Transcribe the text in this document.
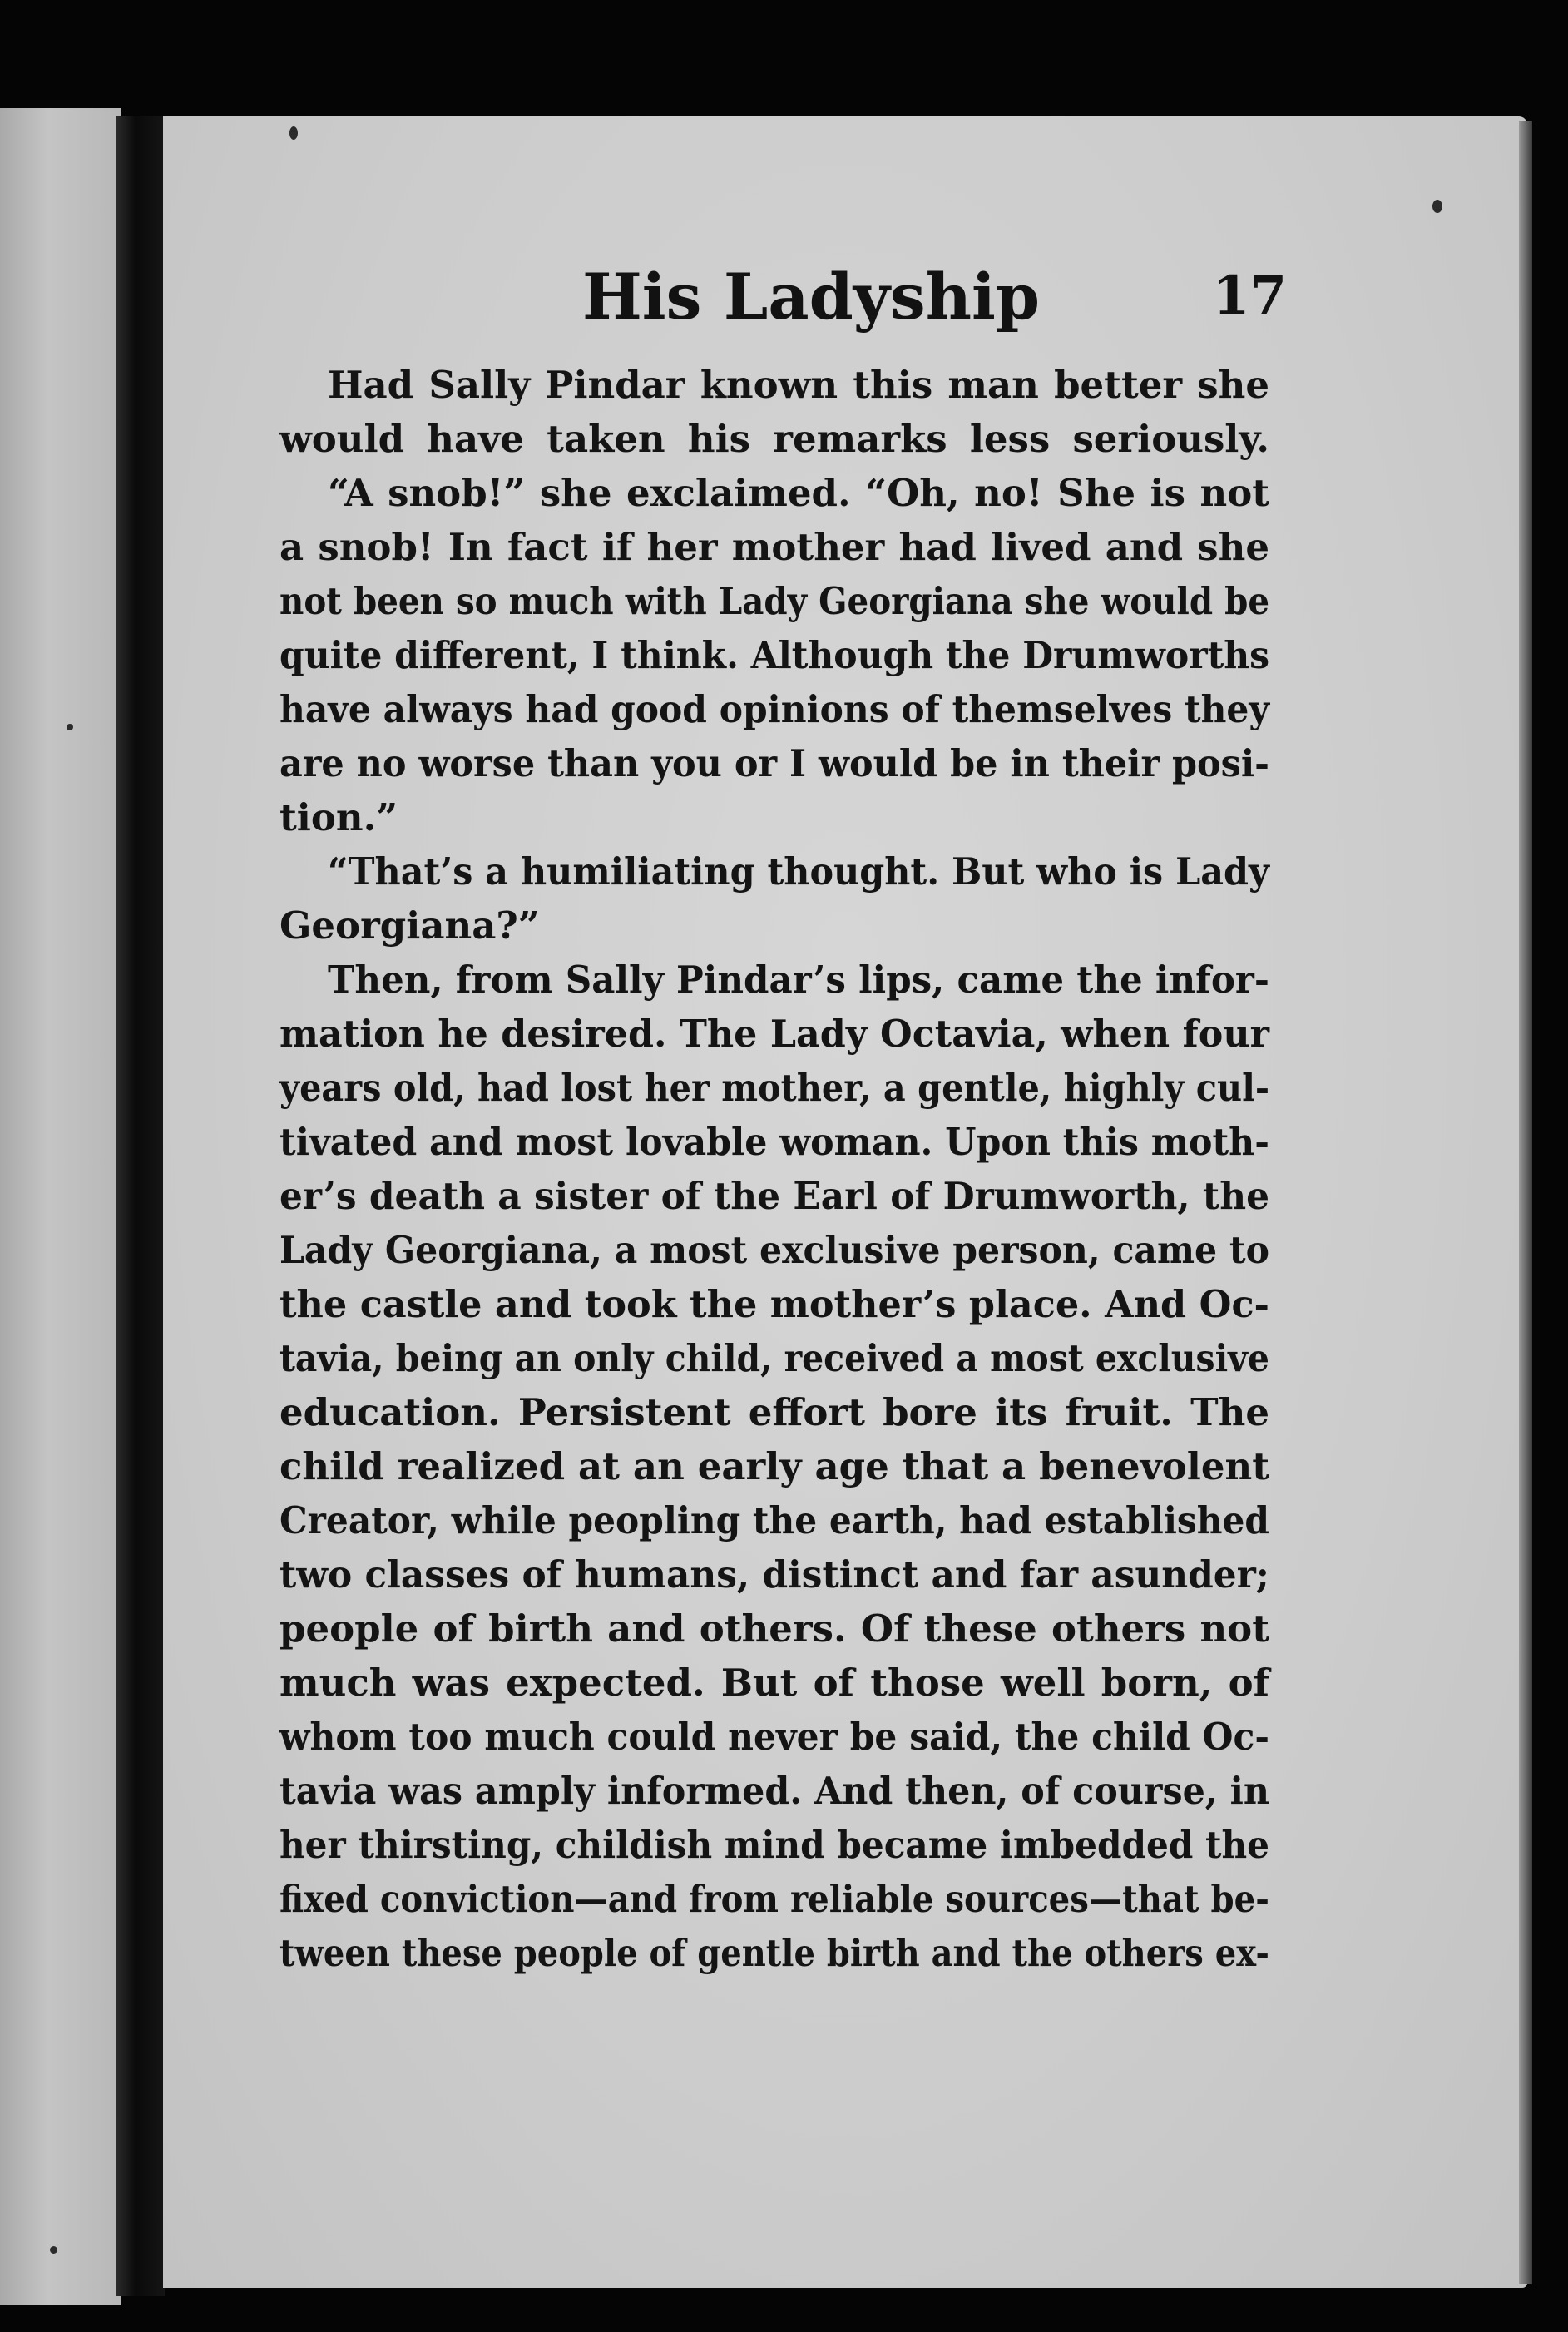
His Ladyship	17
Had Sally Pindar known this man better she
would have taken his remarks less seriously.
“A snob!” she exclaimed. “Oh, no! She is not
a snob! In fact if her mother had lived and she
not been so much with Lady Georgiana she would be
quite different, I think. Although the Drumworths
have always had good opinions of themselves they
are no worse than you or I would be in their posi-
tion.”
“That’s a humiliating thought. But who is Lady
Georgiana?”
Then, from Sally Pindar’s lips, came the infor-
mation he desired. The Lady Octavia, when four
years old, had lost her mother, a gentle, highly cul-
tivated and most lovable woman. Upon this moth-
er’s death a sister of the Earl of Drumworth, the
Lady Georgiana, a most exclusive person, came to
the castle and took the mother’s place. And Oc-
tavia, being an only child, received a most exclusive
education. Persistent effort bore its fruit. The
child realized at an early age that a benevolent
Creator, while peopling the earth, had established
two classes of humans, distinct and far asunder;
people of birth and others. Of these others not
much was expected. But of those well born, of
whom too much could never be said, the child Oc-
tavia was amply informed. And then, of course, in
her thirsting, childish mind became imbedded the
fixed conviction—and from reliable sources—that be-
tween these people of gentle birth and the others ex-
